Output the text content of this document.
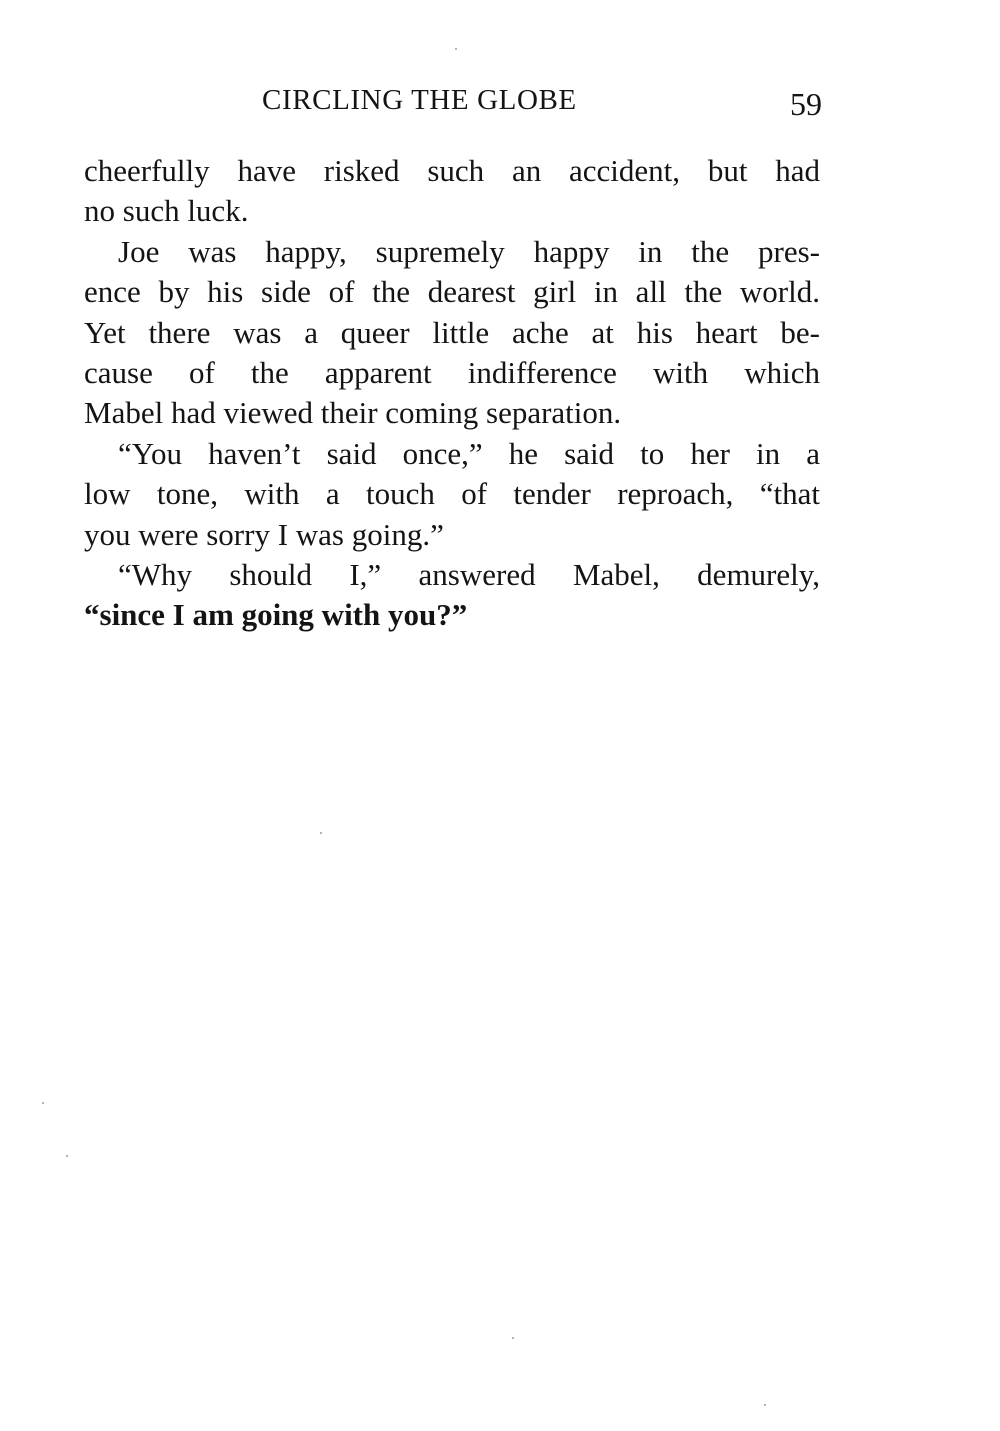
CIRCLING THE GLOBE	59
cheerfully have risked such an accident, but had
no such luck.
Joe was happy, supremely happy in the pres-
ence by his side of the dearest girl in all the world.
Yet there was a queer little ache at his heart be-
cause of the apparent indifference with which
Mabel had viewed their coming separation.
“You haven’t said once,” he said to her in a
low tone, with a touch of tender reproach, “that
you were sorry I was going.”
“Why should I,” answered Mabel, demurely,
“since I am going with you?”
